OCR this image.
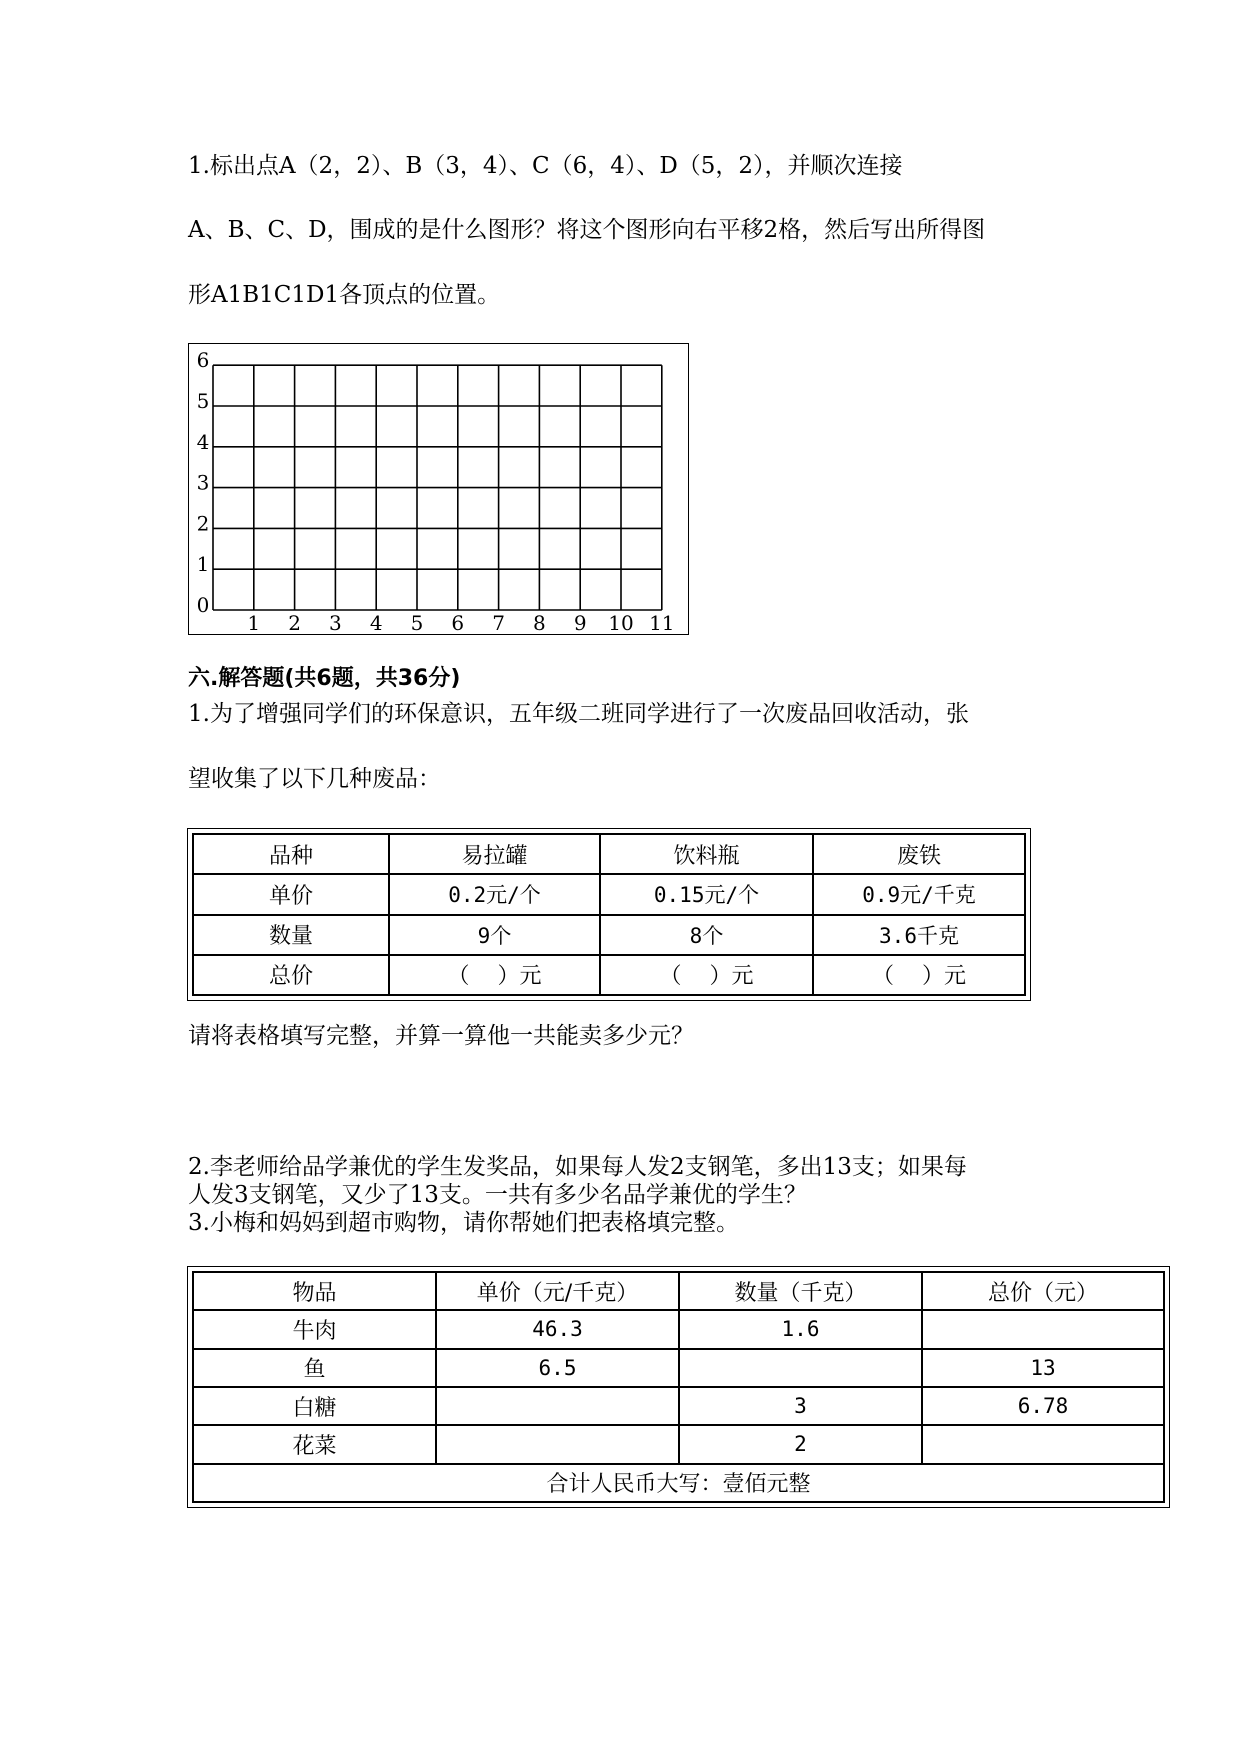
1.标出点A（2，2）、B（3，4）、C（6，4）、D（5，2），并顺次连接
A、B、C、D，围成的是什么图形？将这个图形向右平移2格，然后写出所得图
形A1B1C1D1各顶点的位置。
1 2 3 4 5 6 7 8 9 10 11
0
1
2
3
4
5
6
六.解答题(共6题，共36分)
1.为了增强同学们的环保意识，五年级二班同学进行了一次废品回收活动，张
望收集了以下几种废品：
品种	易拉罐	饮料瓶	废铁
单价	0.2元/个	0.15元/个	0.9元/千克
数量	9个	8个	3.6千克
总价	（    ）元	（    ）元	（    ）元
请将表格填写完整，并算一算他一共能卖多少元？
2.李老师给品学兼优的学生发奖品，如果每人发2支钢笔，多出13支；如果每
人发3支钢笔，又少了13支。一共有多少名品学兼优的学生？
3.小梅和妈妈到超市购物，请你帮她们把表格填完整。
物品	单价（元/千克）	数量（千克）	总价（元）
牛肉	46.3	1.6	
鱼	6.5		13
白糖		3	6.78
花菜		2	
合计人民币大写：壹佰元整			
